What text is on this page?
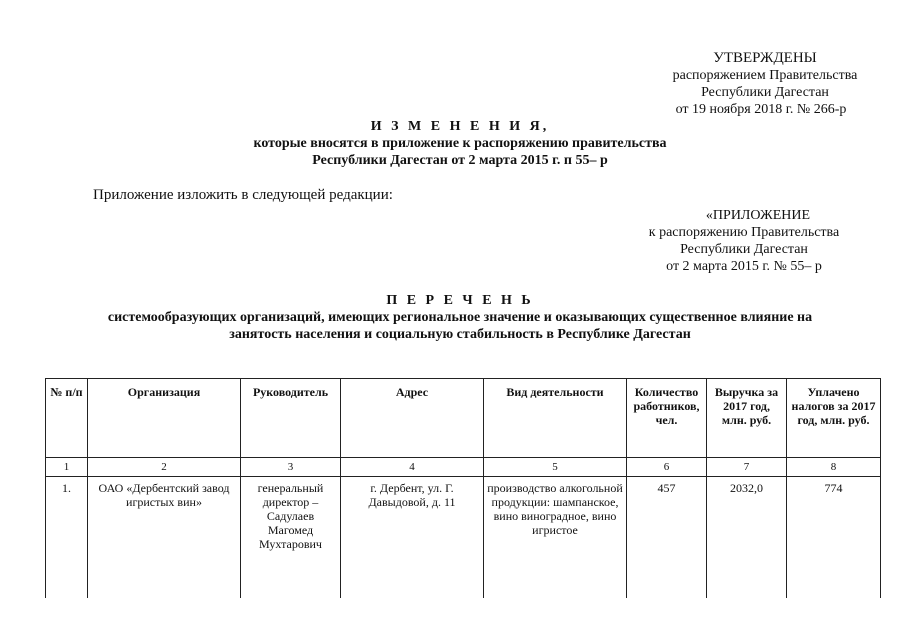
УТВЕРЖДЕНЫ
распоряжением Правительства
Республики Дагестан
от 19 ноября 2018 г. № 266-р
И З М Е Н Е Н И Я,
которые вносятся в приложение к распоряжению правительства
Республики Дагестан от 2 марта 2015 г. п 55– р
Приложение изложить в следующей редакции:
«ПРИЛОЖЕНИЕ
к распоряжению Правительства
Республики Дагестан
от 2 марта 2015 г. № 55– р
П Е Р Е Ч Е Н Ь
системообразующих организаций, имеющих региональное значение и оказывающих существенное влияние на
занятость населения и социальную стабильность в Республике Дагестан
№ п/п	Организация	Руководитель	Адрес	Вид деятельности	Количество работников, чел.	Выручка за 2017 год, млн. руб.	Уплачено налогов за 2017 год, млн. руб.
1	2	3	4	5	6	7	8
1.	ОАО «Дербентский завод игристых вин»	генеральный директор – Садулаев Магомед Мухтарович	г. Дербент, ул. Г. Давыдовой, д. 11	производство алкогольной продукции: шампанское, вино виноградное, вино игристое	457	2032,0	774
